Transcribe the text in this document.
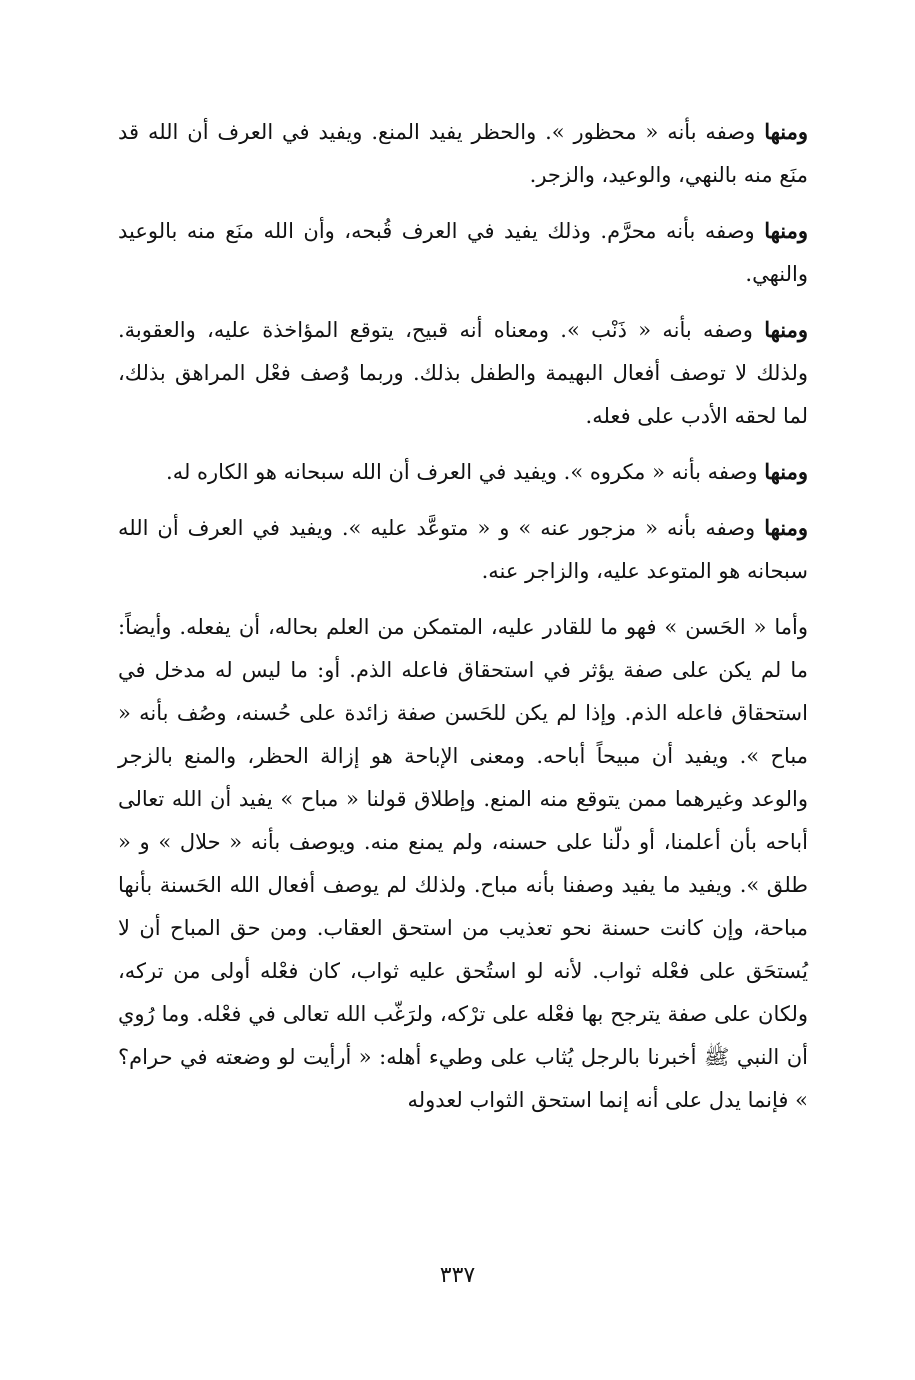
ومنها وصفه بأنه « محظور ». والحظر يفيد المنع. ويفيد في العرف أن الله قد منَع منه بالنهي، والوعيد، والزجر.

ومنها وصفه بأنه محرَّم. وذلك يفيد في العرف قُبحه، وأن الله منَع منه بالوعيد والنهي.

ومنها وصفه بأنه « ذَنْب ». ومعناه أنه قبيح، يتوقع المؤاخذة عليه، والعقوبة. ولذلك لا توصف أفعال البهيمة والطفل بذلك. وربما وُصف فعْل المراهق بذلك، لما لحقه الأدب على فعله.

ومنها وصفه بأنه « مكروه ». ويفيد في العرف أن الله سبحانه هو الكاره له.

ومنها وصفه بأنه « مزجور عنه » و « متوعَّد عليه ». ويفيد في العرف أن الله سبحانه هو المتوعد عليه، والزاجر عنه.

وأما « الحَسن » فهو ما للقادر عليه، المتمكن من العلم بحاله، أن يفعله. وأيضاً: ما لم يكن على صفة يؤثر في استحقاق فاعله الذم. أو: ما ليس له مدخل في استحقاق فاعله الذم. وإذا لم يكن للحَسن صفة زائدة على حُسنه، وصُف بأنه « مباح ». ويفيد أن مبيحاً أباحه. ومعنى الإباحة هو إزالة الحظر، والمنع بالزجر والوعد وغيرهما ممن يتوقع منه المنع. وإطلاق قولنا « مباح » يفيد أن الله تعالى أباحه بأن أعلمنا، أو دلّنا على حسنه، ولم يمنع منه. ويوصف بأنه « حلال » و « طلق ». ويفيد ما يفيد وصفنا بأنه مباح. ولذلك لم يوصف أفعال الله الحَسنة بأنها مباحة، وإن كانت حسنة نحو تعذيب من استحق العقاب. ومن حق المباح أن لا يُستحَق على فعْله ثواب. لأنه لو استُحق عليه ثواب، كان فعْله أولى من تركه، ولكان على صفة يترجح بها فعْله على ترْكه، ولرَغّب الله تعالى في فعْله. وما رُوي أن النبي ﷺ أخبرنا بالرجل يُثاب على وطيء أهله: « أرأيت لو وضعته في حرام؟ » فإنما يدل على أنه إنما استحق الثواب لعدوله

٣٣٧
